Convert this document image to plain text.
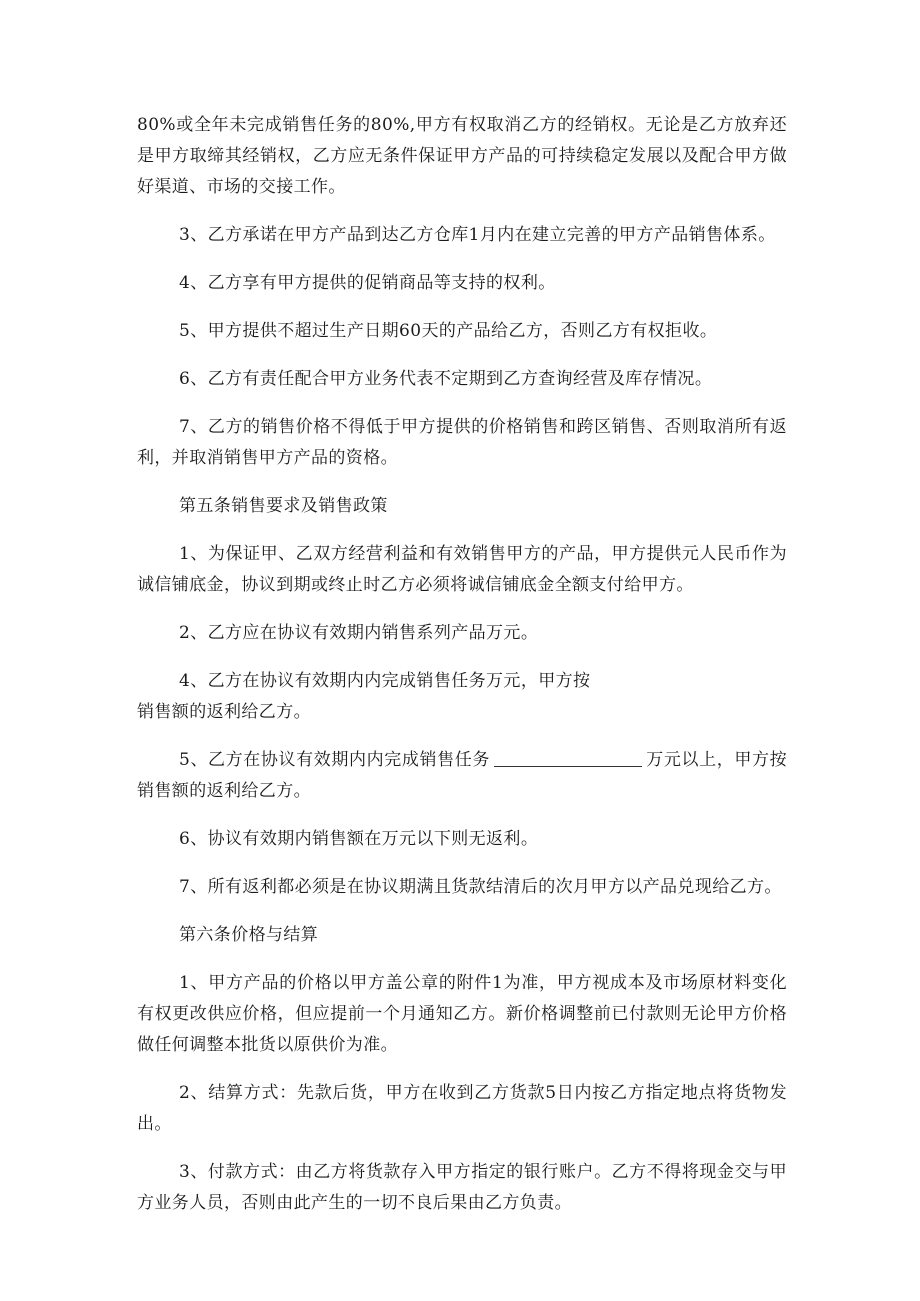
80%或全年未完成销售任务的80%,甲方有权取消乙方的经销权。无论是乙方放弃还是甲方取缔其经销权，乙方应无条件保证甲方产品的可持续稳定发展以及配合甲方做好渠道、市场的交接工作。

3、乙方承诺在甲方产品到达乙方仓库1月内在建立完善的甲方产品销售体系。

4、乙方享有甲方提供的促销商品等支持的权利。

5、甲方提供不超过生产日期60天的产品给乙方，否则乙方有权拒收。

6、乙方有责任配合甲方业务代表不定期到乙方查询经营及库存情况。

7、乙方的销售价格不得低于甲方提供的价格销售和跨区销售、否则取消所有返利，并取消销售甲方产品的资格。

第五条销售要求及销售政策

1、为保证甲、乙双方经营利益和有效销售甲方的产品，甲方提供元人民币作为诚信铺底金，协议到期或终止时乙方必须将诚信铺底金全额支付给甲方。

2、乙方应在协议有效期内销售系列产品万元。

4、乙方在协议有效期内内完成销售任务万元，甲方按
销售额的返利给乙方。

5、乙方在协议有效期内内完成销售任务	万元以上，甲方按销售额的返利给乙方。

6、协议有效期内销售额在万元以下则无返利。

7、所有返利都必须是在协议期满且货款结清后的次月甲方以产品兑现给乙方。

第六条价格与结算

1、甲方产品的价格以甲方盖公章的附件1为准，甲方视成本及市场原材料变化有权更改供应价格，但应提前一个月通知乙方。新价格调整前已付款则无论甲方价格做任何调整本批货以原供价为准。

2、结算方式：先款后货，甲方在收到乙方货款5日内按乙方指定地点将货物发出。

3、付款方式：由乙方将货款存入甲方指定的银行账户。乙方不得将现金交与甲方业务人员，否则由此产生的一切不良后果由乙方负责。
